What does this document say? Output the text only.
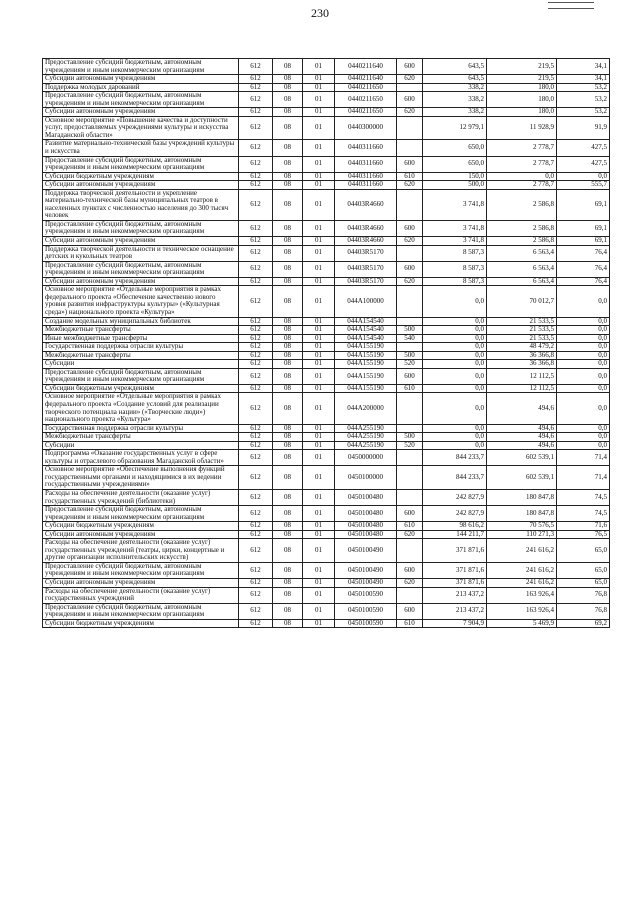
230
Предоставление субсидий бюджетным, автономным учреждениям и иным некоммерческим организациям	612	08	01	0440211640	600	643,5	219,5	34,1
Субсидии автономным учреждениям	612	08	01	0440211640	620	643,5	219,5	34,1
Поддержка молодых дарований	612	08	01	0440211650		338,2	180,0	53,2
Предоставление субсидий бюджетным, автономным учреждениям и иным некоммерческим организациям	612	08	01	0440211650	600	338,2	180,0	53,2
Субсидии автономным учреждениям	612	08	01	0440211650	620	338,2	180,0	53,2
Основное мероприятие «Повышение качества и доступности услуг, предоставляемых учреждениями культуры и искусства Магаданской области»	612	08	01	0440300000		12 979,1	11 928,9	91,9
Развитие материально-технической базы учреждений культуры и искусства	612	08	01	0440311660		650,0	2 778,7	427,5
Предоставление субсидий бюджетным, автономным учреждениям и иным некоммерческим организациям	612	08	01	0440311660	600	650,0	2 778,7	427,5
Субсидии бюджетным учреждениям	612	08	01	0440311660	610	150,0	0,0	0,0
Субсидии автономным учреждениям	612	08	01	0440311660	620	500,0	2 778,7	555,7
Поддержка творческой деятельности и укрепление материально-технической базы муниципальных театров в населенных пунктах с численностью населения до 300 тысяч человек	612	08	01	04403R4660		3 741,8	2 586,8	69,1
Предоставление субсидий бюджетным, автономным учреждениям и иным некоммерческим организациям	612	08	01	04403R4660	600	3 741,8	2 586,8	69,1
Субсидии автономным учреждениям	612	08	01	04403R4660	620	3 741,8	2 586,8	69,1
Поддержка творческой деятельности и техническое оснащение детских и кукольных театров	612	08	01	04403R5170		8 587,3	6 563,4	76,4
Предоставление субсидий бюджетным, автономным учреждениям и иным некоммерческим организациям	612	08	01	04403R5170	600	8 587,3	6 563,4	76,4
Субсидии автономным учреждениям	612	08	01	04403R5170	620	8 587,3	6 563,4	76,4
Основное мероприятие «Отдельные мероприятия в рамках федерального проекта «Обеспечение качественно нового уровня развития инфраструктуры культуры» («Культурная среда») национального проекта «Культура»	612	08	01	044A100000		0,0	70 012,7	0,0
Создание модельных муниципальных библиотек	612	08	01	044A154540		0,0	21 533,5	0,0
Межбюджетные трансферты	612	08	01	044A154540	500	0,0	21 533,5	0,0
Иные межбюджетные трансферты	612	08	01	044A154540	540	0,0	21 533,5	0,0
Государственная поддержка отрасли культуры	612	08	01	044A155190		0,0	48 479,2	0,0
Межбюджетные трансферты	612	08	01	044A155190	500	0,0	36 366,8	0,0
Субсидии	612	08	01	044A155190	520	0,0	36 366,8	0,0
Предоставление субсидий бюджетным, автономным учреждениям и иным некоммерческим организациям	612	08	01	044A155190	600	0,0	12 112,5	0,0
Субсидии бюджетным учреждениям	612	08	01	044A155190	610	0,0	12 112,5	0,0
Основное мероприятие «Отдельные мероприятия в рамках федерального проекта «Создание условий для реализации творческого потенциала нации» («Творческие люди») национального проекта «Культура»	612	08	01	044A200000		0,0	494,6	0,0
Государственная поддержка отрасли культуры	612	08	01	044A255190		0,0	494,6	0,0
Межбюджетные трансферты	612	08	01	044A255190	500	0,0	494,6	0,0
Субсидии	612	08	01	044A255190	520	0,0	494,6	0,0
Подпрограмма «Оказание государственных услуг в сфере культуры и отраслевого образования Магаданской области»	612	08	01	0450000000		844 233,7	602 539,1	71,4
Основное мероприятие «Обеспечение выполнения функций государственными органами и находящимися в их ведении государственными учреждениями»	612	08	01	0450100000		844 233,7	602 539,1	71,4
Расходы на обеспечение деятельности (оказание услуг) государственных учреждений (библиотеки)	612	08	01	0450100480		242 827,9	180 847,8	74,5
Предоставление субсидий бюджетным, автономным учреждениям и иным некоммерческим организациям	612	08	01	0450100480	600	242 827,9	180 847,8	74,5
Субсидии бюджетным учреждениям	612	08	01	0450100480	610	98 616,2	70 576,5	71,6
Субсидии автономным учреждениям	612	08	01	0450100480	620	144 211,7	110 271,3	76,5
Расходы на обеспечение деятельности (оказание услуг) государственных учреждений (театры, цирки, концертные и другие организации исполнительских искусств)	612	08	01	0450100490		371 871,6	241 616,2	65,0
Предоставление субсидий бюджетным, автономным учреждениям и иным некоммерческим организациям	612	08	01	0450100490	600	371 871,6	241 616,2	65,0
Субсидии автономным учреждениям	612	08	01	0450100490	620	371 871,6	241 616,2	65,0
Расходы на обеспечение деятельности (оказание услуг) государственных учреждений	612	08	01	0450100590		213 437,2	163 926,4	76,8
Предоставление субсидий бюджетным, автономным учреждениям и иным некоммерческим организациям	612	08	01	0450100590	600	213 437,2	163 926,4	76,8
Субсидии бюджетным учреждениям	612	08	01	0450100590	610	7 904,9	5 469,9	69,2
